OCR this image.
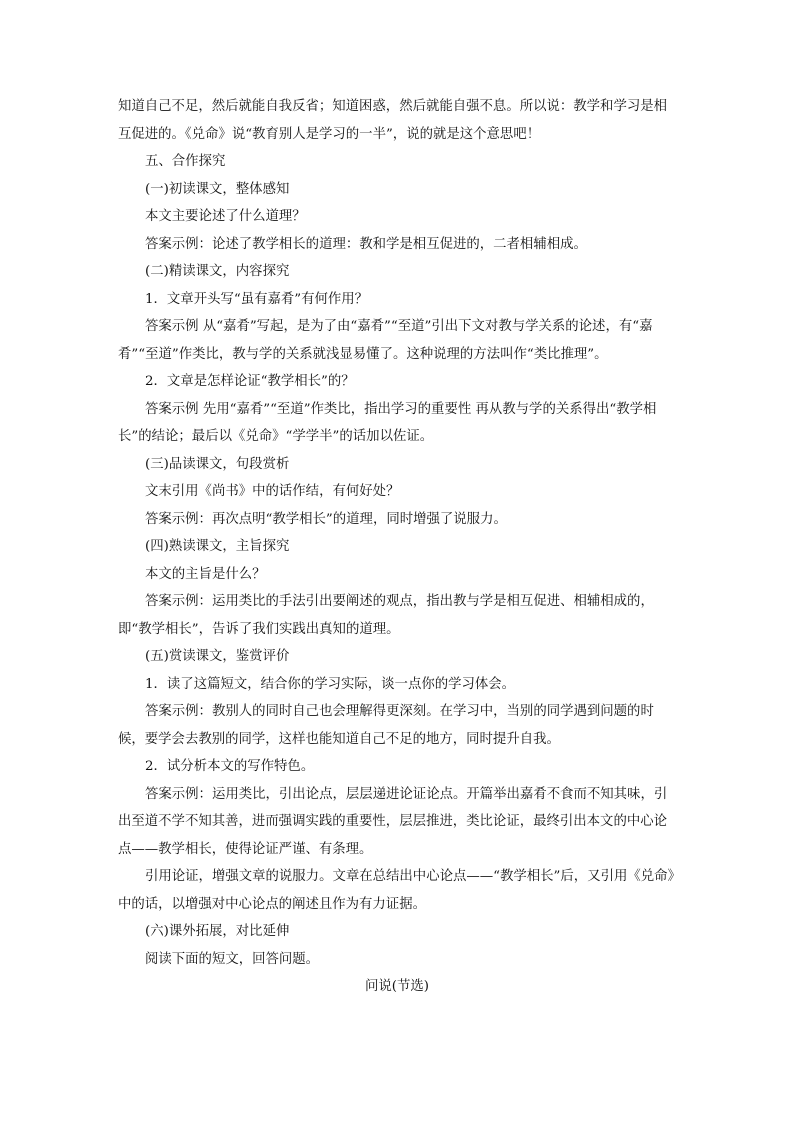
知道自己不足，然后就能自我反省；知道困惑，然后就能自强不息。所以说：教学和学习是相互促进的。《兑命》说“教育别人是学习的一半”，说的就是这个意思吧！

五、合作探究

(一)初读课文，整体感知

本文主要论述了什么道理？

答案示例：论述了教学相长的道理：教和学是相互促进的，二者相辅相成。

(二)精读课文，内容探究

1．文章开头写“虽有嘉肴”有何作用？

答案示例 从“嘉肴”写起，是为了由“嘉肴”“至道”引出下文对教与学关系的论述，有“嘉肴”“至道”作类比，教与学的关系就浅显易懂了。这种说理的方法叫作“类比推理”。

2．文章是怎样论证“教学相长”的？

答案示例 先用“嘉肴”“至道”作类比，指出学习的重要性 再从教与学的关系得出“教学相长”的结论；最后以《兑命》“学学半”的话加以佐证。

(三)品读课文，句段赏析

文末引用《尚书》中的话作结，有何好处？

答案示例：再次点明“教学相长”的道理，同时增强了说服力。

(四)熟读课文，主旨探究

本文的主旨是什么？

答案示例：运用类比的手法引出要阐述的观点，指出教与学是相互促进、相辅相成的，即“教学相长”，告诉了我们实践出真知的道理。

(五)赏读课文，鉴赏评价

1．读了这篇短文，结合你的学习实际，谈一点你的学习体会。

答案示例：教别人的同时自己也会理解得更深刻。在学习中，当别的同学遇到问题的时候，要学会去教别的同学，这样也能知道自己不足的地方，同时提升自我。

2．试分析本文的写作特色。

答案示例：运用类比，引出论点，层层递进论证论点。开篇举出嘉肴不食而不知其味，引出至道不学不知其善，进而强调实践的重要性，层层推进，类比论证，最终引出本文的中心论点——教学相长，使得论证严谨、有条理。

引用论证，增强文章的说服力。文章在总结出中心论点——“教学相长”后，又引用《兑命》中的话，以增强对中心论点的阐述且作为有力证据。

(六)课外拓展，对比延伸

阅读下面的短文，回答问题。

问说(节选)
